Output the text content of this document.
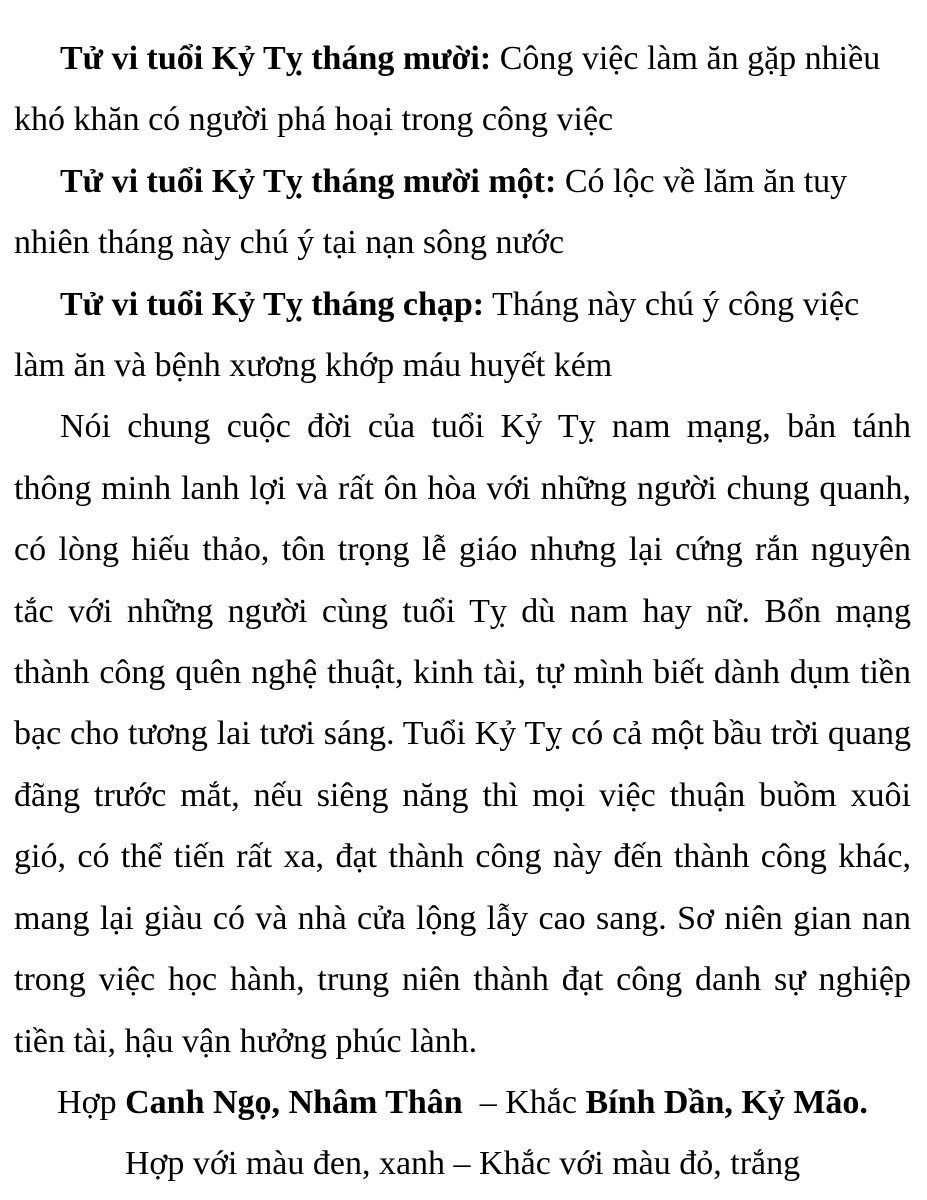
Tử vi tuổi Kỷ Tỵ tháng mười: Công việc làm ăn gặp nhiều khó khăn có người phá hoại trong công việc

Tử vi tuổi Kỷ Tỵ tháng mười một: Có lộc về lăm ăn tuy nhiên tháng này chú ý tại nạn sông nước

Tử vi tuổi Kỷ Tỵ tháng chạp: Tháng này chú ý công việc làm ăn và bệnh xương khớp máu huyết kém

Nói chung cuộc đời của tuổi Kỷ Tỵ nam mạng, bản tánh thông minh lanh lợi và rất ôn hòa với những người chung quanh, có lòng hiếu thảo, tôn trọng lễ giáo nhưng lại cứng rắn nguyên tắc với những người cùng tuổi Tỵ dù nam hay nữ. Bổn mạng thành công quên nghệ thuật, kinh tài, tự mình biết dành dụm tiền bạc cho tương lai tươi sáng. Tuổi Kỷ Tỵ có cả một bầu trời quang đãng trước mắt, nếu siêng năng thì mọi việc thuận buồm xuôi gió, có thể tiến rất xa, đạt thành công này đến thành công khác, mang lại giàu có và nhà cửa lộng lẫy cao sang. Sơ niên gian nan trong việc học hành, trung niên thành đạt công danh sự nghiệp tiền tài, hậu vận hưởng phúc lành.

Hợp Canh Ngọ, Nhâm Thân  – Khắc Bính Dần, Kỷ Mão.

Hợp với màu đen, xanh – Khắc với màu đỏ, trắng
